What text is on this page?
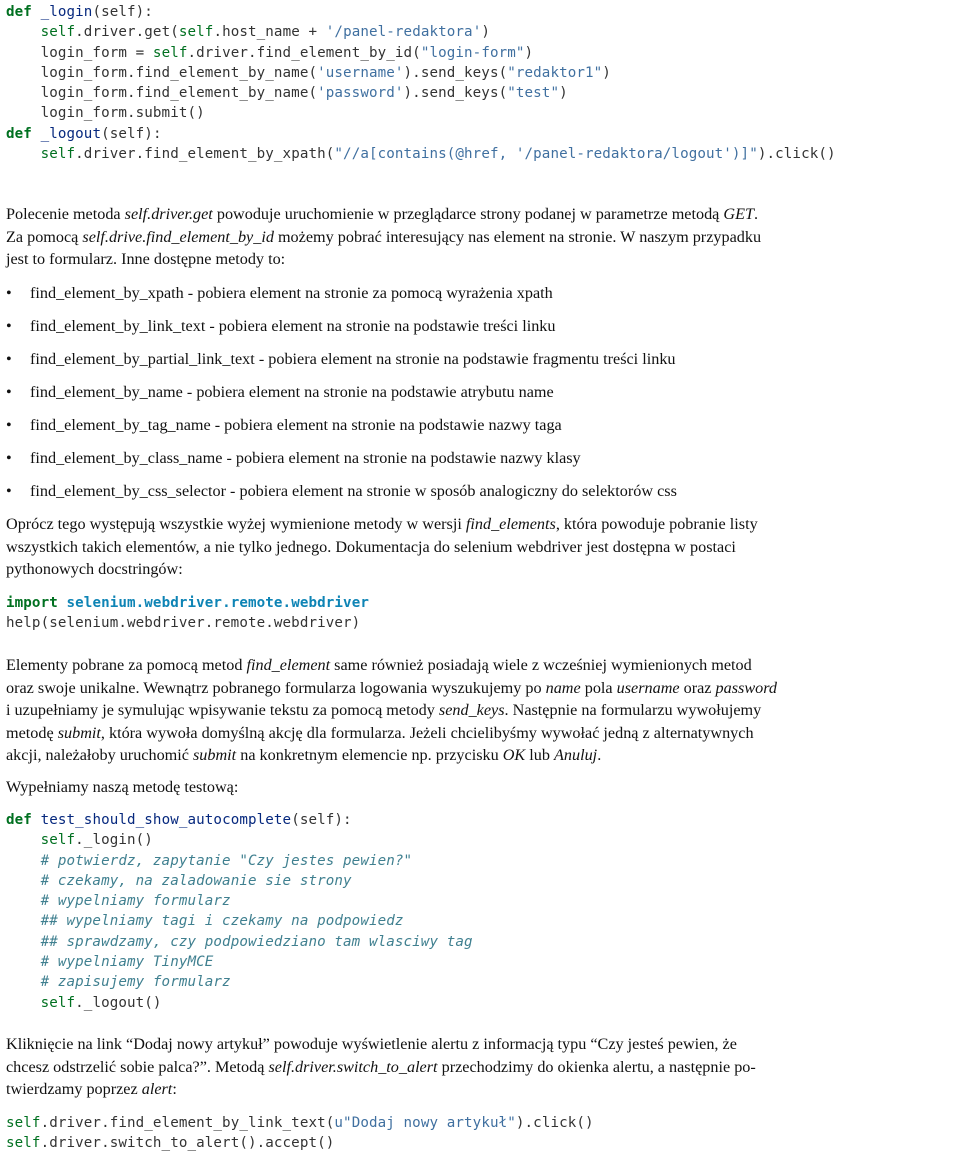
def _login(self):
self.driver.get(self.host_name + '/panel-redaktora')
login_form = self.driver.find_element_by_id("login-form")
login_form.find_element_by_name('username').send_keys("redaktor1")
login_form.find_element_by_name('password').send_keys("test")
login_form.submit()
def _logout(self):
self.driver.find_element_by_xpath("//a[contains(@href, '/panel-redaktora/logout')]").click()
Polecenie metoda self.driver.get powoduje uruchomienie w przeglądarce strony podanej w parametrze metodą GET.
Za pomocą self.drive.find_element_by_id możemy pobrać interesujący nas element na stronie. W naszym przypadku
jest to formularz. Inne dostępne metody to:
• find_element_by_xpath - pobiera element na stronie za pomocą wyrażenia xpath
• find_element_by_link_text - pobiera element na stronie na podstawie treści linku
• find_element_by_partial_link_text - pobiera element na stronie na podstawie fragmentu treści linku
• find_element_by_name - pobiera element na stronie na podstawie atrybutu name
• find_element_by_tag_name - pobiera element na stronie na podstawie nazwy taga
• find_element_by_class_name - pobiera element na stronie na podstawie nazwy klasy
• find_element_by_css_selector - pobiera element na stronie w sposób analogiczny do selektorów css
Oprócz tego występują wszystkie wyżej wymienione metody w wersji find_elements, która powoduje pobranie listy
wszystkich takich elementów, a nie tylko jednego. Dokumentacja do selenium webdriver jest dostępna w postaci
pythonowych docstringów:
import selenium.webdriver.remote.webdriver
help(selenium.webdriver.remote.webdriver)
Elementy pobrane za pomocą metod find_element same również posiadają wiele z wcześniej wymienionych metod
oraz swoje unikalne. Wewnątrz pobranego formularza logowania wyszukujemy po name pola username oraz password
i uzupełniamy je symulując wpisywanie tekstu za pomocą metody send_keys. Następnie na formularzu wywołujemy
metodę submit, która wywoła domyślną akcję dla formularza. Jeżeli chcielibyśmy wywołać jedną z alternatywnych
akcji, należałoby uruchomić submit na konkretnym elemencie np. przycisku OK lub Anuluj.
Wypełniamy naszą metodę testową:
def test_should_show_autocomplete(self):
self._login()
# potwierdz, zapytanie "Czy jestes pewien?"
# czekamy, na zaladowanie sie strony
# wypelniamy formularz
## wypelniamy tagi i czekamy na podpowiedz
## sprawdzamy, czy podpowiedziano tam wlasciwy tag
# wypelniamy TinyMCE
# zapisujemy formularz
self._logout()
Kliknięcie na link “Dodaj nowy artykuł” powoduje wyświetlenie alertu z informacją typu “Czy jesteś pewien, że
chcesz odstrzelić sobie palca?”. Metodą self.driver.switch_to_alert przechodzimy do okienka alertu, a następnie po-
twierdzamy poprzez alert:
self.driver.find_element_by_link_text(u"Dodaj nowy artykuł").click()
self.driver.switch_to_alert().accept()
